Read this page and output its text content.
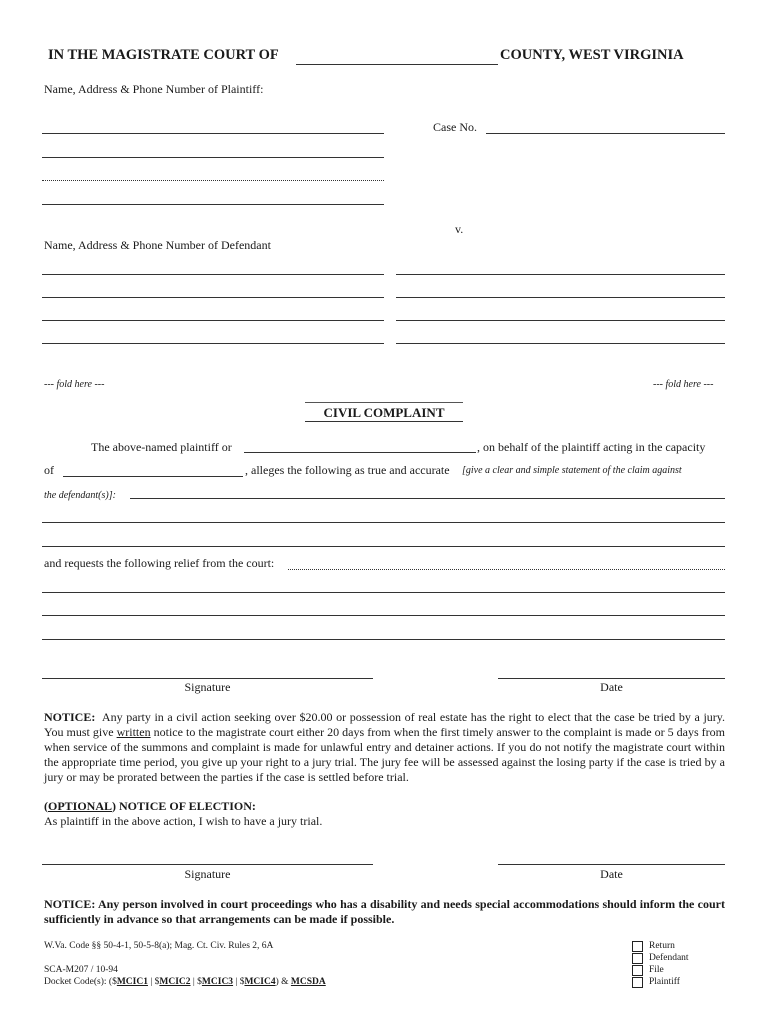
IN THE MAGISTRATE COURT OF	COUNTY, WEST VIRGINIA
Name, Address & Phone Number of Plaintiff:
Case No.
v.
Name, Address & Phone Number of Defendant
--- fold here ---	--- fold here ---
CIVIL COMPLAINT
The above-named plaintiff or	, on behalf of the plaintiff acting in the capacity
of	, alleges the following as true and accurate [give a clear and simple statement of the claim against
the defendant(s)]:
and requests the following relief from the court:
Signature	Date
NOTICE: Any party in a civil action seeking over $20.00 or possession of real estate has the right to elect that the case be tried by a jury. You must give written notice to the magistrate court either 20 days from when the first timely answer to the complaint is made or 5 days from when service of the summons and complaint is made for unlawful entry and detainer actions. If you do not notify the magistrate court within the appropriate time period, you give up your right to a jury trial. The jury fee will be assessed against the losing party if the case is tried by a jury or may be prorated between the parties if the case is settled before trial.
(OPTIONAL) NOTICE OF ELECTION:
As plaintiff in the above action, I wish to have a jury trial.
Signature	Date
NOTICE: Any person involved in court proceedings who has a disability and needs special accommodations should inform the court sufficiently in advance so that arrangements can be made if possible.
W.Va. Code §§ 50-4-1, 50-5-8(a); Mag. Ct. Civ. Rules 2, 6A
SCA-M207 / 10-94
Docket Code(s): ($MCIC1 | $MCIC2 | $MCIC3 | $MCIC4) & MCSDA
Return
Defendant
File
Plaintiff
